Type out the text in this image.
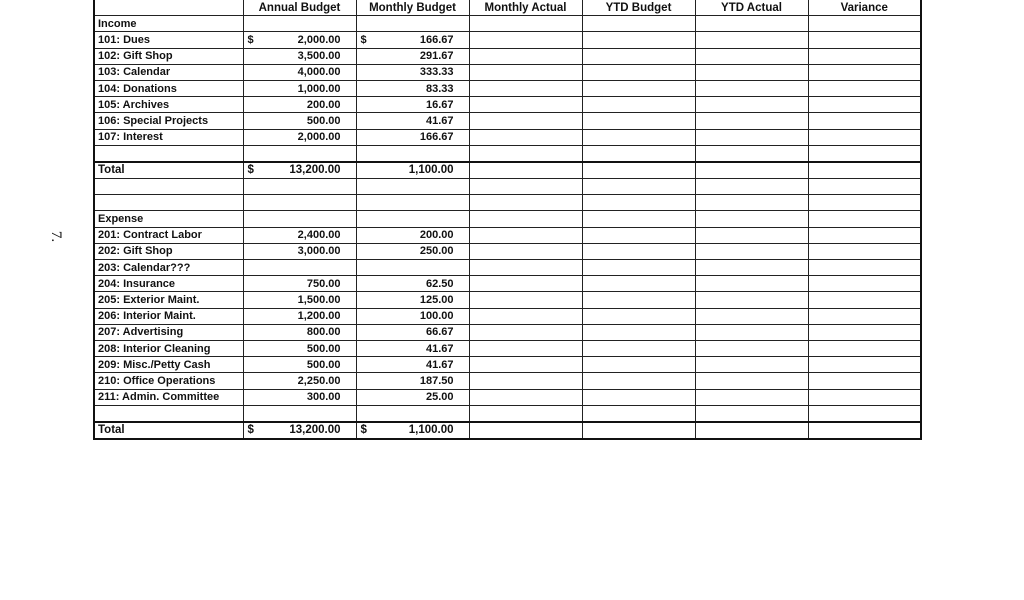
7.
	Annual Budget	Monthly Budget	Monthly Actual	YTD Budget	YTD Actual	Variance
Income						
101: Dues	$ 2,000.00	$ 166.67				
102: Gift Shop	3,500.00	291.67				
103: Calendar	4,000.00	333.33				
104: Donations	1,000.00	83.33				
105: Archives	200.00	16.67				
106: Special Projects	500.00	41.67				
107: Interest	2,000.00	166.67				

Total	$ 13,200.00	1,100.00				

Expense						
201: Contract Labor	2,400.00	200.00				
202: Gift Shop	3,000.00	250.00				
203: Calendar???						
204: Insurance	750.00	62.50				
205: Exterior Maint.	1,500.00	125.00				
206: Interior Maint.	1,200.00	100.00				
207: Advertising	800.00	66.67				
208: Interior Cleaning	500.00	41.67				
209: Misc./Petty Cash	500.00	41.67				
210: Office Operations	2,250.00	187.50				
211: Admin. Committee	300.00	25.00				

Total	$ 13,200.00	$ 1,100.00				
